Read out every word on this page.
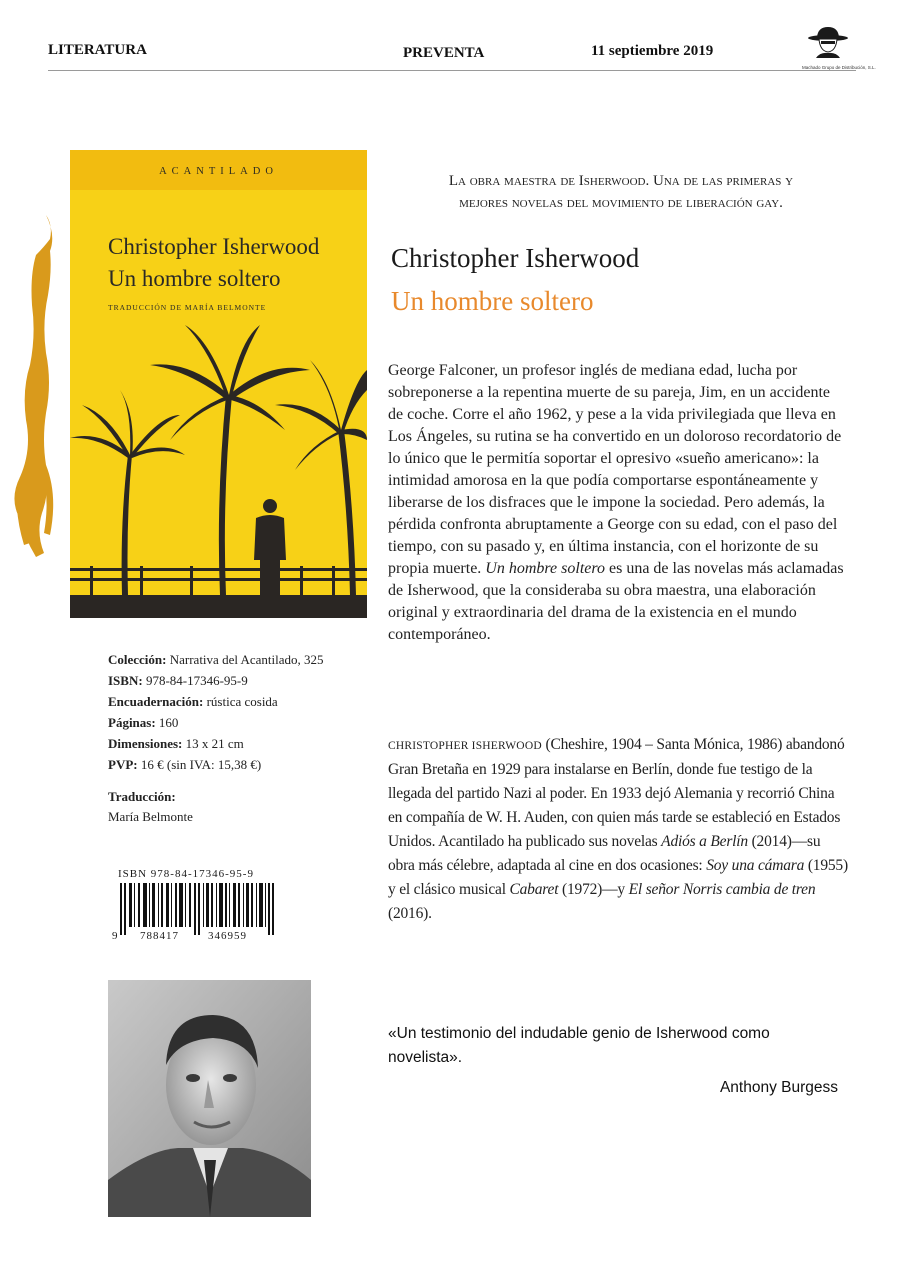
LITERATURA	PREVENTA	11 septiembre 2019
Machado Grupo de Distribución, S.L.
ACANTILADO
Christopher Isherwood
Un hombre soltero
TRADUCCIÓN DE MARÍA BELMONTE
Colección: Narrativa del Acantilado, 325
ISBN: 978-84-17346-95-9
Encuadernación: rústica cosida
Páginas: 160
Dimensiones: 13 x 21 cm
PVP: 16 € (sin IVA: 15,38 €)
Traducción:
María Belmonte
ISBN 978-84-17346-95-9
9 788417	346959
La obra maestra de Isherwood. Una de las primeras y
mejores novelas del movimiento de liberación gay.
Christopher Isherwood
Un hombre soltero

George Falconer, un profesor inglés de mediana edad, lucha por sobreponerse a la repentina muerte de su pareja, Jim, en un accidente de coche. Corre el año 1962, y pese a la vida privilegiada que lleva en Los Ángeles, su rutina se ha convertido en un doloroso recordatorio de lo único que le permitía soportar el opresivo «sueño americano»: la intimidad amorosa en la que podía comportarse espontáneamente y liberarse de los disfraces que le impone la sociedad. Pero además, la pérdida confronta abruptamente a George con su edad, con el paso del tiempo, con su pasado y, en última instancia, con el horizonte de su propia muerte. Un hombre soltero es una de las novelas más aclamadas de Isherwood, que la consideraba su obra maestra, una elaboración original y extraordinaria del drama de la existencia en el mundo contemporáneo.

CHRISTOPHER ISHERWOOD (Cheshire, 1904 – Santa Mónica, 1986) abandonó Gran Bretaña en 1929 para instalarse en Berlín, donde fue testigo de la llegada del partido Nazi al poder. En 1933 dejó Alemania y recorrió China en compañía de W. H. Auden, con quien más tarde se estableció en Estados Unidos. Acantilado ha publicado sus novelas Adiós a Berlín (2014)—su obra más célebre, adaptada al cine en dos ocasiones: Soy una cámara (1955) y el clásico musical Cabaret (1972)—y El señor Norris cambia de tren (2016).

«Un testimonio del indudable genio de Isherwood como novelista».

Anthony Burgess
